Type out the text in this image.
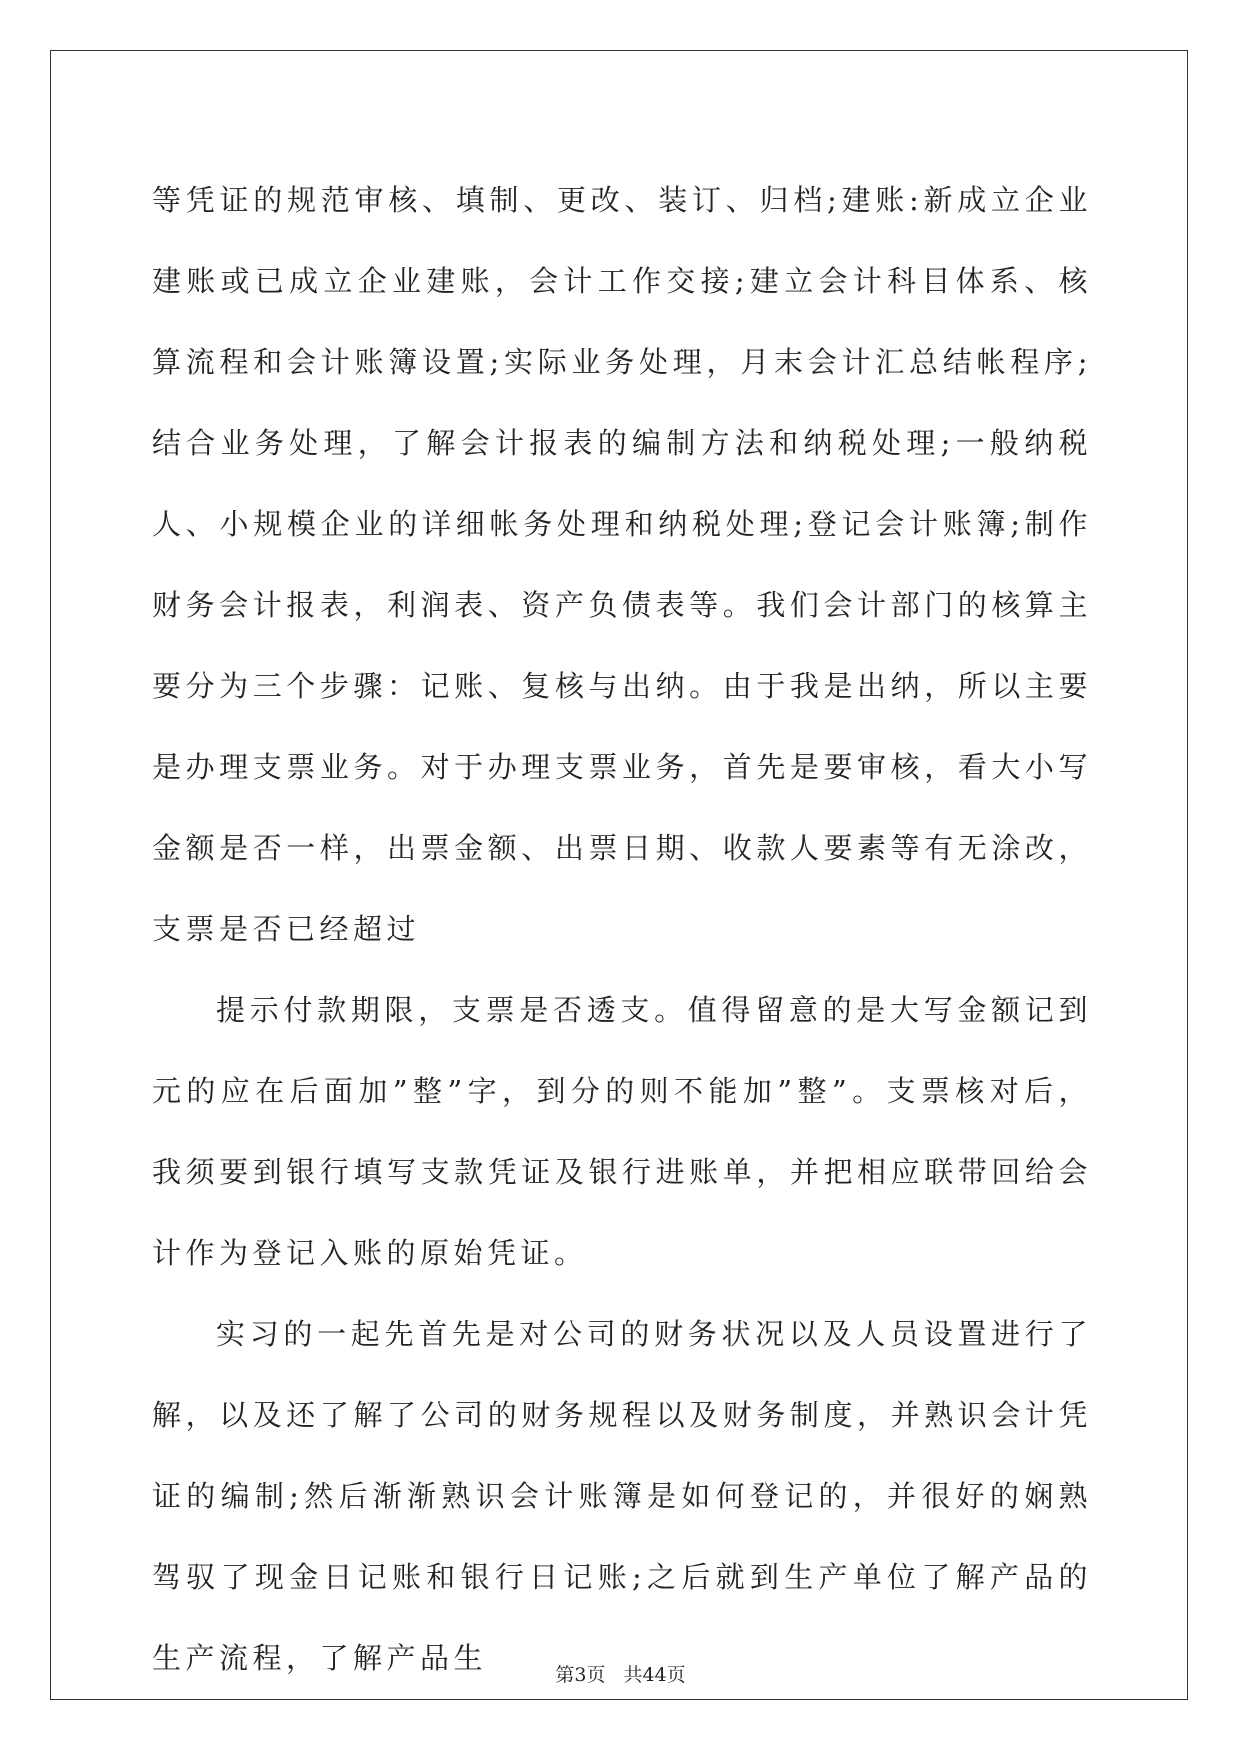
等凭证的规范审核、填制、更改、装订、归档;建账:新成立企业建账或已成立企业建账，会计工作交接;建立会计科目体系、核算流程和会计账簿设置;实际业务处理，月末会计汇总结帐程序;结合业务处理，了解会计报表的编制方法和纳税处理;一般纳税人、小规模企业的详细帐务处理和纳税处理;登记会计账簿;制作财务会计报表，利润表、资产负债表等。我们会计部门的核算主要分为三个步骤：记账、复核与出纳。由于我是出纳，所以主要是办理支票业务。对于办理支票业务，首先是要审核，看大小写金额是否一样，出票金额、出票日期、收款人要素等有无涂改，支票是否已经超过

提示付款期限，支票是否透支。值得留意的是大写金额记到元的应在后面加”整”字，到分的则不能加”整”。支票核对后，我须要到银行填写支款凭证及银行进账单，并把相应联带回给会计作为登记入账的原始凭证。

实习的一起先首先是对公司的财务状况以及人员设置进行了解，以及还了解了公司的财务规程以及财务制度，并熟识会计凭证的编制;然后渐渐熟识会计账簿是如何登记的，并很好的娴熟驾驭了现金日记账和银行日记账;之后就到生产单位了解产品的生产流程，了解产品生	第3页 共44页
